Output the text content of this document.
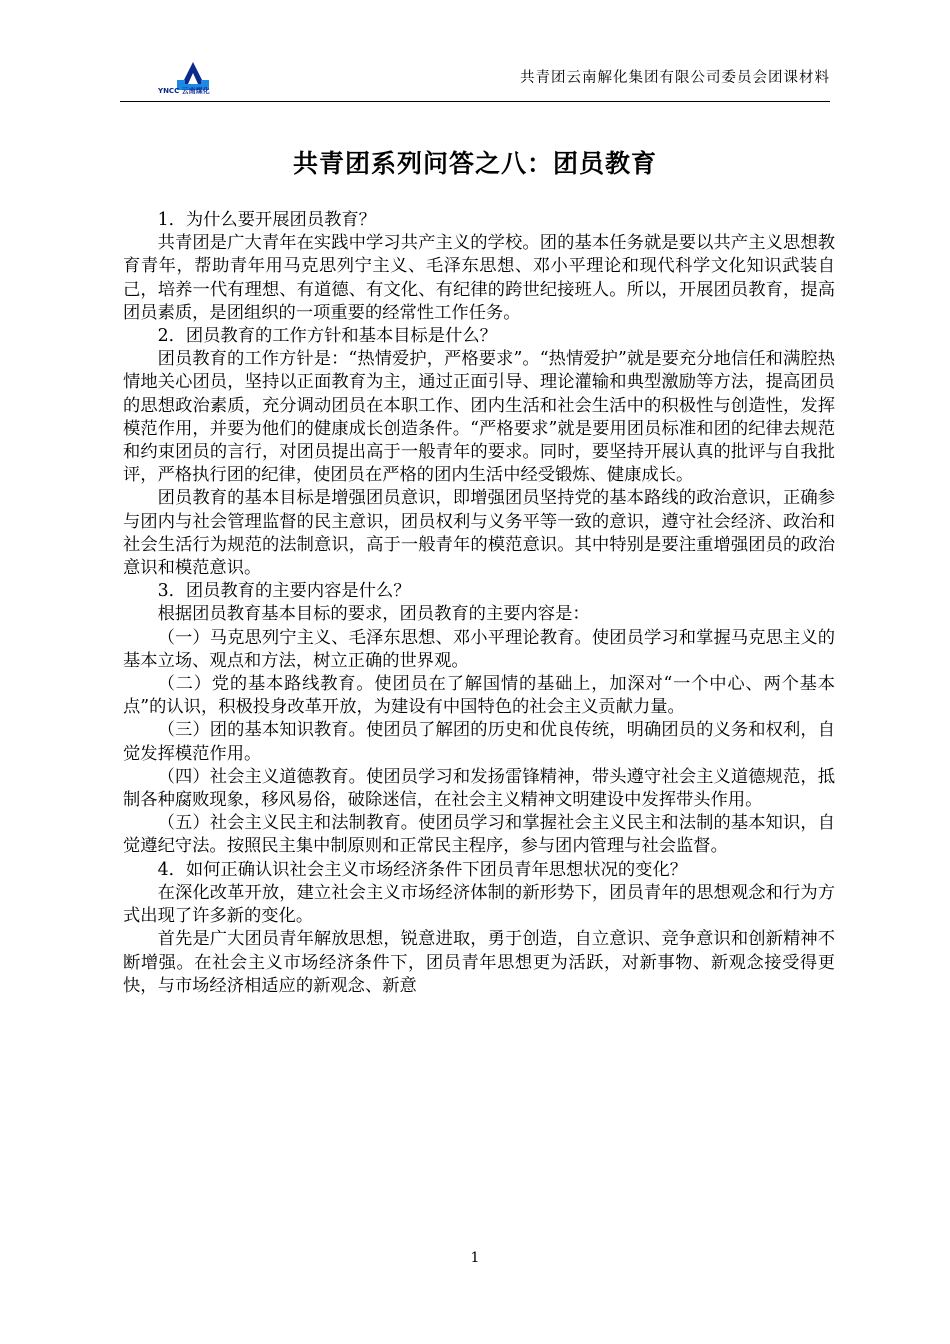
YNCC 云南煤化
共青团云南解化集团有限公司委员会团课材料
共青团系列问答之八：团员教育

1．为什么要开展团员教育？

共青团是广大青年在实践中学习共产主义的学校。团的基本任务就是要以共产主义思想教育青年，帮助青年用马克思列宁主义、毛泽东思想、邓小平理论和现代科学文化知识武装自己，培养一代有理想、有道德、有文化、有纪律的跨世纪接班人。所以，开展团员教育，提高团员素质，是团组织的一项重要的经常性工作任务。

2．团员教育的工作方针和基本目标是什么？

团员教育的工作方针是：“热情爱护，严格要求”。“热情爱护”就是要充分地信任和满腔热情地关心团员，坚持以正面教育为主，通过正面引导、理论灌输和典型激励等方法，提高团员的思想政治素质，充分调动团员在本职工作、团内生活和社会生活中的积极性与创造性，发挥模范作用，并要为他们的健康成长创造条件。“严格要求”就是要用团员标准和团的纪律去规范和约束团员的言行，对团员提出高于一般青年的要求。同时，要坚持开展认真的批评与自我批评，严格执行团的纪律，使团员在严格的团内生活中经受锻炼、健康成长。

团员教育的基本目标是增强团员意识，即增强团员坚持党的基本路线的政治意识，正确参与团内与社会管理监督的民主意识，团员权利与义务平等一致的意识，遵守社会经济、政治和社会生活行为规范的法制意识，高于一般青年的模范意识。其中特别是要注重增强团员的政治意识和模范意识。

3．团员教育的主要内容是什么？

根据团员教育基本目标的要求，团员教育的主要内容是：

（一）马克思列宁主义、毛泽东思想、邓小平理论教育。使团员学习和掌握马克思主义的基本立场、观点和方法，树立正确的世界观。

（二）党的基本路线教育。使团员在了解国情的基础上，加深对“一个中心、两个基本点”的认识，积极投身改革开放，为建设有中国特色的社会主义贡献力量。

（三）团的基本知识教育。使团员了解团的历史和优良传统，明确团员的义务和权利，自觉发挥模范作用。

（四）社会主义道德教育。使团员学习和发扬雷锋精神，带头遵守社会主义道德规范，抵制各种腐败现象，移风易俗，破除迷信，在社会主义精神文明建设中发挥带头作用。

（五）社会主义民主和法制教育。使团员学习和掌握社会主义民主和法制的基本知识，自觉遵纪守法。按照民主集中制原则和正常民主程序，参与团内管理与社会监督。

4．如何正确认识社会主义市场经济条件下团员青年思想状况的变化？

在深化改革开放，建立社会主义市场经济体制的新形势下，团员青年的思想观念和行为方式出现了许多新的变化。

首先是广大团员青年解放思想，锐意进取，勇于创造，自立意识、竞争意识和创新精神不断增强。在社会主义市场经济条件下，团员青年思想更为活跃，对新事物、新观念接受得更快，与市场经济相适应的新观念、新意

1
